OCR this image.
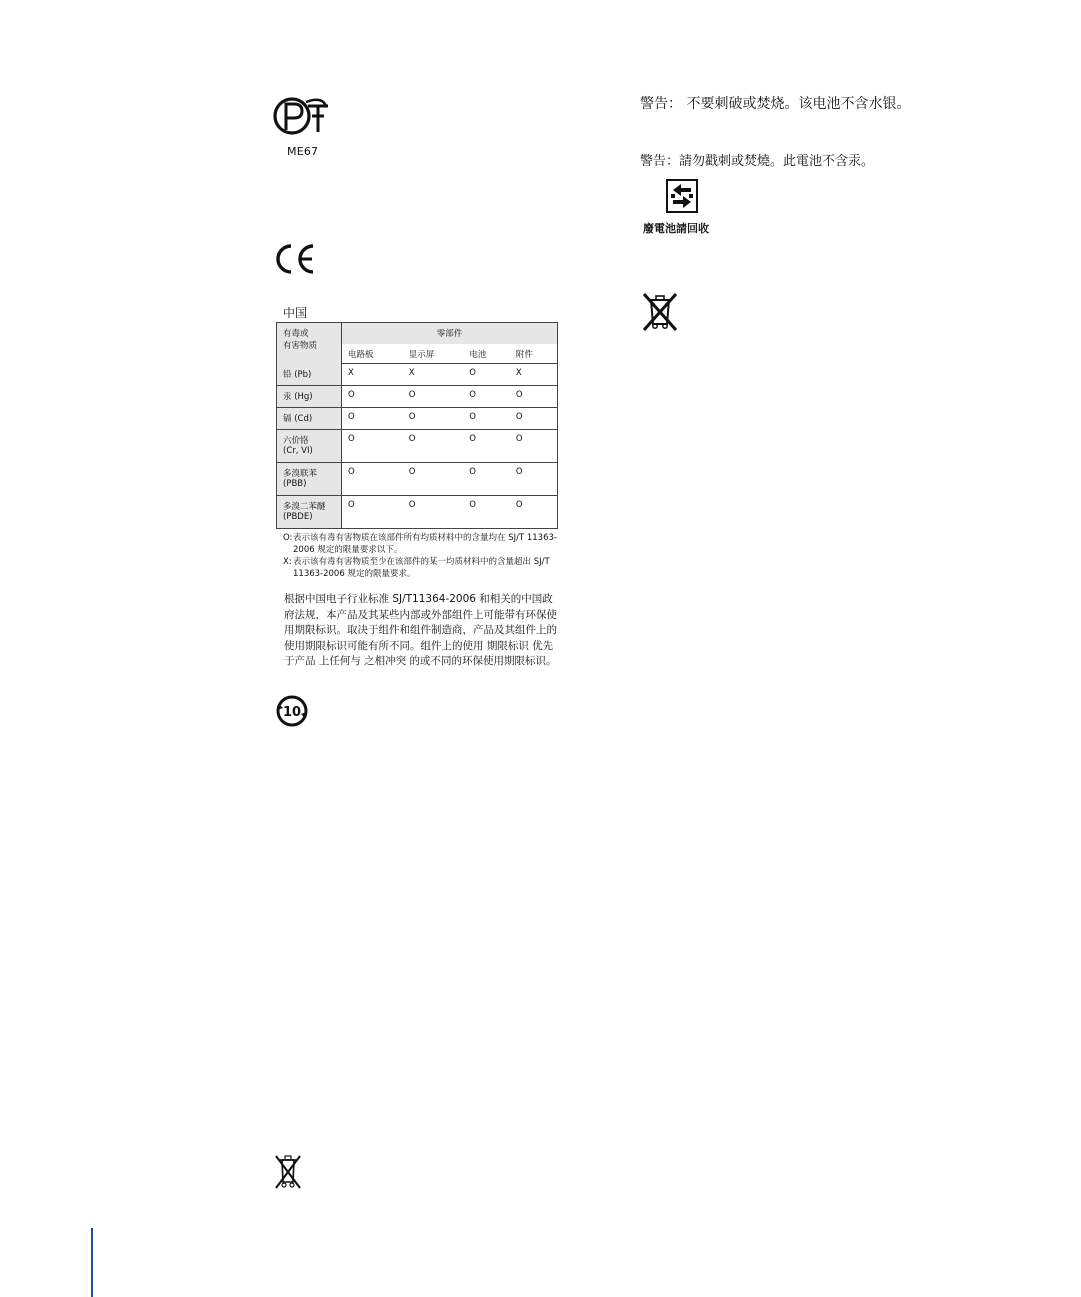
ME67
中国
有毒或
有害物质	零部件			
	电路板	显示屏	电池	附件
铅 (Pb)	X	X	O	X
汞 (Hg)	O	O	O	O
镉 (Cd)	O	O	O	O
六价铬
(Cr, VI)	O	O	O	O
多溴联苯
(PBB)	O	O	O	O
多溴二苯醚
(PBDE)	O	O	O	O
O: 表示该有毒有害物质在该部件所有均质材料中的含量均在 SJ/T 11363-2006 规定的限量要求以下。
X: 表示该有毒有害物质至少在该部件的某一均质材料中的含量超出 SJ/T 11363-2006 规定的限量要求。
根据中国电子行业标准 SJ/T11364-2006 和相关的中国政府法规，本产品及其某些内部或外部组件上可能带有环保使用期限标识。取决于组件和组件制造商，产品及其组件上的使用期限标识可能有所不同。组件上的使用 期限标识 优先于产品 上任何与 之相冲突 的或不同的环保使用期限标识。
10
警告： 不要刺破或焚烧。该电池不含水银。
警告：請勿戳刺或焚燒。此電池不含汞。
廢電池請回收
